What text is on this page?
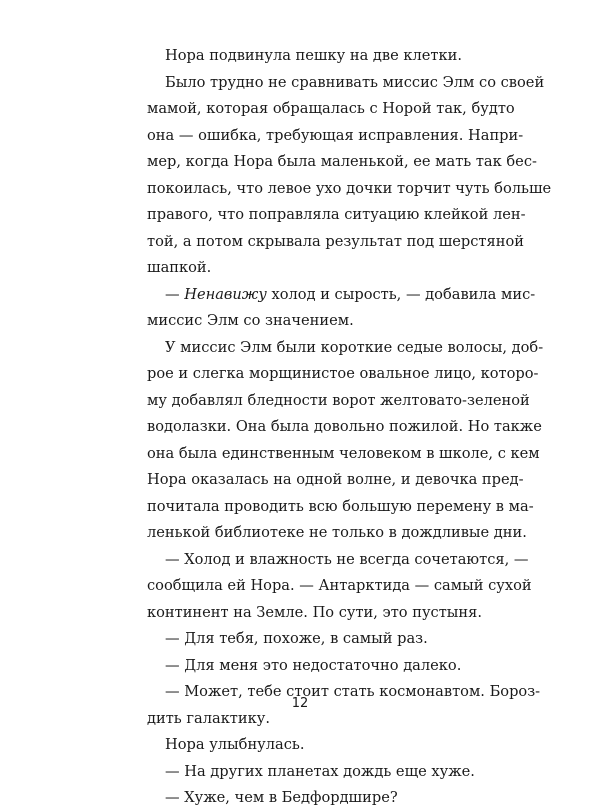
Нора подвинула пешку на две клетки.
Было трудно не сравнивать миссис Элм со своей
мамой, которая обращалась с Норой так, будто
она — ошибка, требующая исправления. Напри-
мер, когда Нора была маленькой, ее мать так бес-
покоилась, что левое ухо дочки торчит чуть больше
правого, что поправляла ситуацию клейкой лен-
той, а потом скрывала результат под шерстяной
шапкой.
— Ненавижу холод и сырость, — добавила мис-
миссис Элм со значением.
У миссис Элм были короткие седые волосы, доб-
рое и слегка морщинистое овальное лицо, которо-
му добавлял бледности ворот желтовато-зеленой
водолазки. Она была довольно пожилой. Но также
она была единственным человеком в школе, с кем
Нора оказалась на одной волне, и девочка пред-
почитала проводить всю большую перемену в ма-
ленькой библиотеке не только в дождливые дни.
— Холод и влажность не всегда сочетаются, —
сообщила ей Нора. — Антарктида — самый сухой
континент на Земле. По сути, это пустыня.
— Для тебя, похоже, в самый раз.
— Для меня это недостаточно далеко.
— Может, тебе стоит стать космонавтом. Бороз-
дить галактику.
Нора улыбнулась.
— На других планетах дождь еще хуже.
— Хуже, чем в Бедфордшире?
12
